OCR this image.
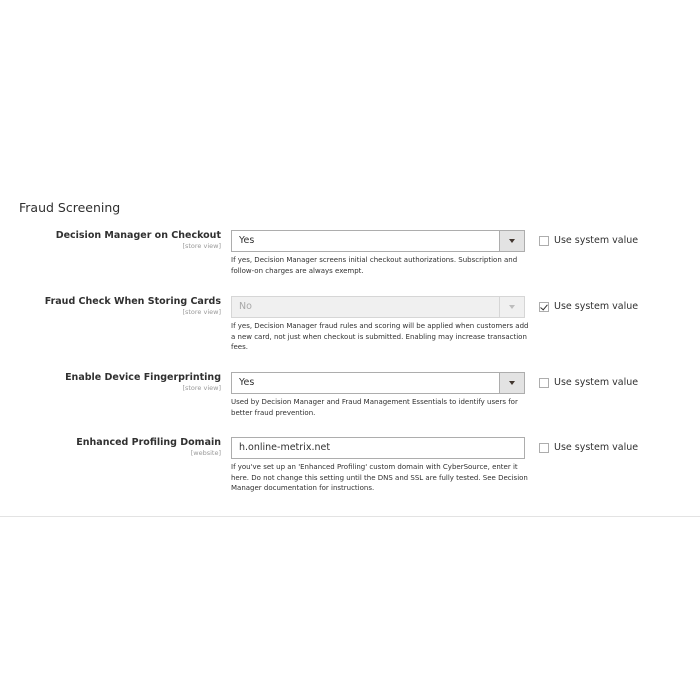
Fraud Screening
Decision Manager on Checkout
[store view]	Yes	Use system value
If yes, Decision Manager screens initial checkout authorizations. Subscription and follow-on charges are always exempt.
Fraud Check When Storing Cards
[store view]	No	Use system value
If yes, Decision Manager fraud rules and scoring will be applied when customers add a new card, not just when checkout is submitted. Enabling may increase transaction fees.
Enable Device Fingerprinting
[store view]	Yes	Use system value
Used by Decision Manager and Fraud Management Essentials to identify users for better fraud prevention.
Enhanced Profiling Domain
[website]	h.online-metrix.net	Use system value
If you've set up an 'Enhanced Profiling' custom domain with CyberSource, enter it here. Do not change this setting until the DNS and SSL are fully tested. See Decision Manager documentation for instructions.
